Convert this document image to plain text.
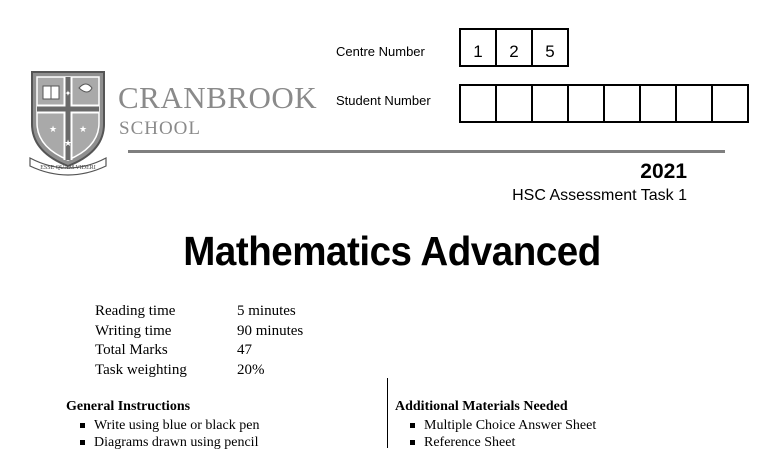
✦
★ ★
★
ESSE QUAM VIDERI
CRANBROOK
SCHOOL
Centre Number	1	2	5
Student Number
2021
HSC Assessment Task 1
Mathematics Advanced
Reading time	5 minutes
Writing time	90 minutes
Total Marks	47
Task weighting	20%
General Instructions
Write using blue or black pen
Diagrams drawn using pencil
Additional Materials Needed
Multiple Choice Answer Sheet
Reference Sheet
